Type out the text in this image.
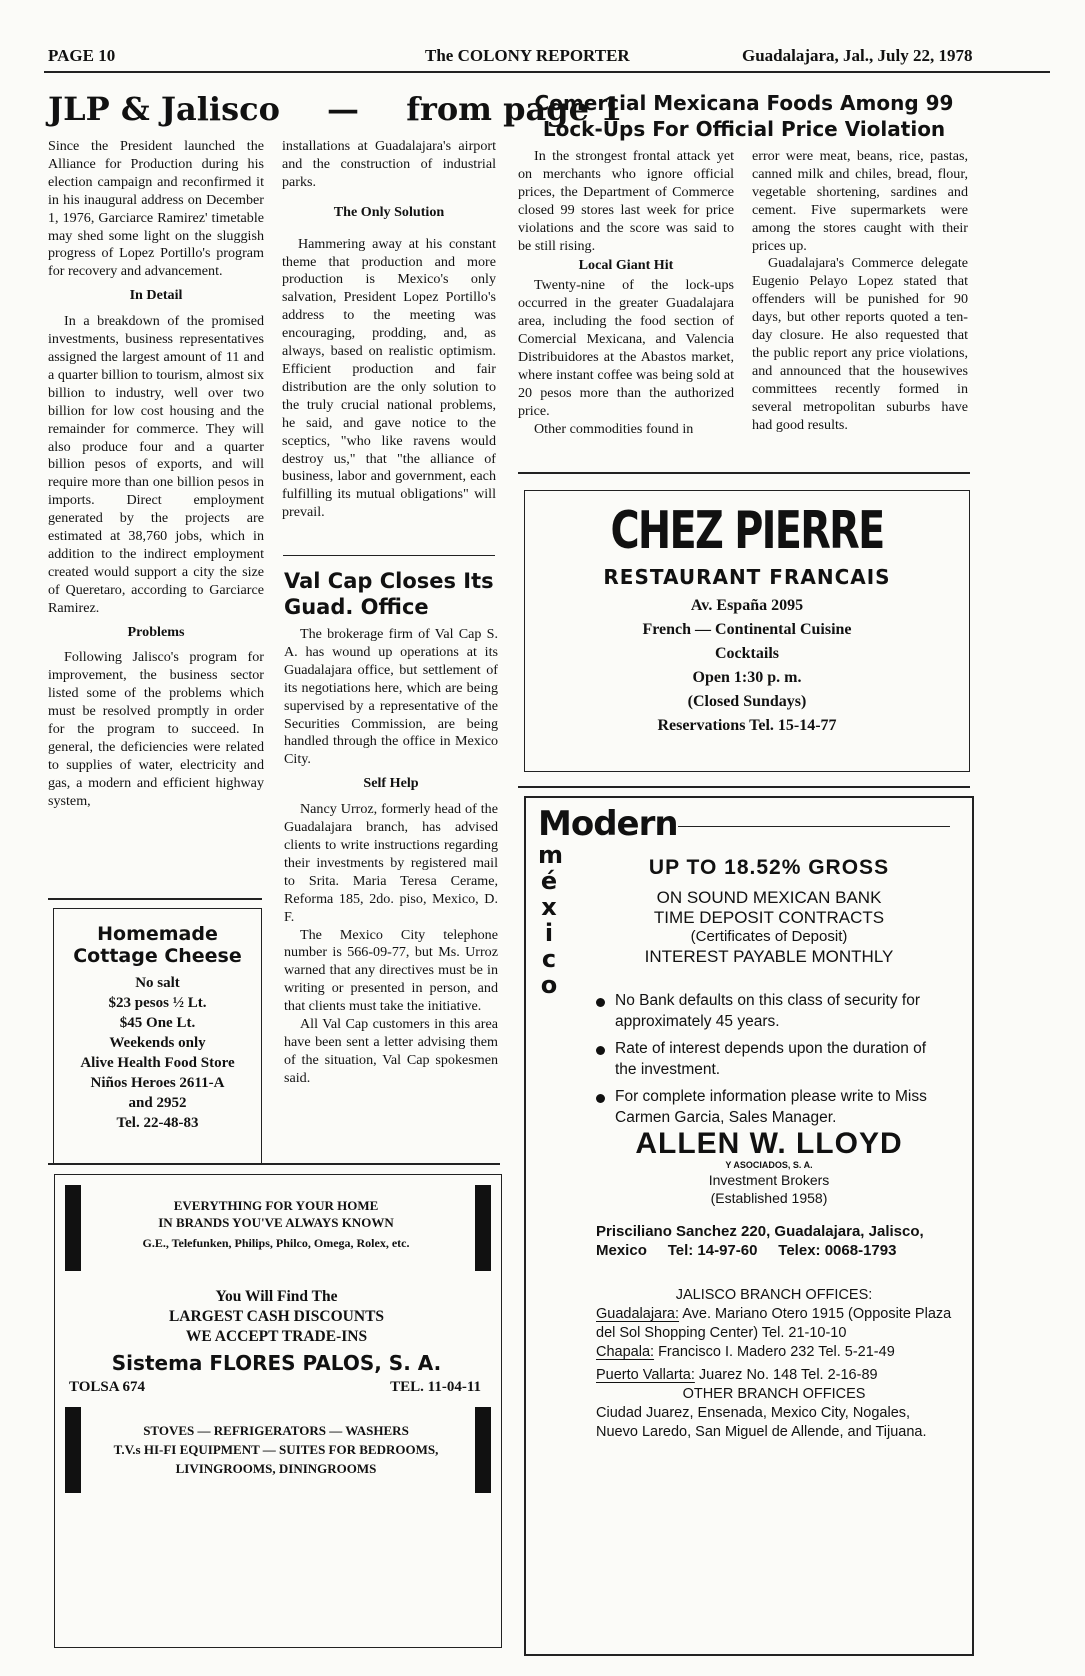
PAGE 10	The COLONY REPORTER	Guadalajara, Jal., July 22, 1978
JLP & Jalisco — from page 1

Since the President launched the Alliance for Production during his election campaign and reconfirmed it in his inaugural address on December 1, 1976, Garciarce Ramirez' timetable may shed some light on the sluggish progress of Lopez Portillo's program for recovery and advancement.

In Detail

In a breakdown of the promised investments, business representatives assigned the largest amount of 11 and a quarter billion to tourism, almost six billion to industry, well over two billion for low cost housing and the remainder for commerce. They will also produce four and a quarter billion pesos of exports, and will require more than one billion pesos in imports. Direct employment generated by the projects are estimated at 38,760 jobs, which in addition to the indirect employment created would support a city the size of Queretaro, according to Garciarce Ramirez.

Problems

Following Jalisco's program for improvement, the business sector listed some of the problems which must be resolved promptly in order for the program to succeed. In general, the deficiencies were related to supplies of water, electricity and gas, a modern and efficient highway system,

installations at Guadalajara's airport and the construction of industrial parks.

The Only Solution

Hammering away at his constant theme that production and more production is Mexico's only salvation, President Lopez Portillo's address to the meeting was encouraging, prodding, and, as always, based on realistic optimism. Efficient production and fair distribution are the only solution to the truly crucial national problems, he said, and gave notice to the sceptics, "who like ravens would destroy us," that "the alliance of business, labor and government, each fulfilling its mutual obligations" will prevail.

Val Cap Closes Its Guad. Office

The brokerage firm of Val Cap S. A. has wound up operations at its Guadalajara office, but settlement of its negotiations here, which are being supervised by a representative of the Securities Commission, are being handled through the office in Mexico City.

Self Help

Nancy Urroz, formerly head of the Guadalajara branch, has advised clients to write instructions regarding their investments by registered mail to Srita. Maria Teresa Cerame, Reforma 185, 2do. piso, Mexico, D. F.

The Mexico City telephone number is 566-09-77, but Ms. Urroz warned that any directives must be in writing or presented in person, and that clients must take the initiative.

All Val Cap customers in this area have been sent a letter advising them of the situation, Val Cap spokesmen said.

Comercial Mexicana Foods Among 99 Lock-Ups For Official Price Violation

In the strongest frontal attack yet on merchants who ignore official prices, the Department of Commerce closed 99 stores last week for price violations and the score was said to be still rising.

Local Giant Hit

Twenty-nine of the lock-ups occurred in the greater Guadalajara area, including the food section of Comercial Mexicana, and Valencia Distribuidores at the Abastos market, where instant coffee was being sold at 20 pesos more than the authorized price.

Other commodities found in

error were meat, beans, rice, pastas, canned milk and chiles, bread, flour, vegetable shortening, sardines and cement. Five supermarkets were among the stores caught with their prices up.

Guadalajara's Commerce delegate Eugenio Pelayo Lopez stated that offenders will be punished for 90 days, but other reports quoted a ten-day closure. He also requested that the public report any price violations, and announced that the housewives committees recently formed in several metropolitan suburbs have had good results.

CHEZ PIERRE
RESTAURANT FRANCAIS
Av. España 2095
French — Continental Cuisine
Cocktails
Open 1:30 p. m.
(Closed Sundays)
Reservations Tel. 15-14-77
Homemade
Cottage Cheese
No salt
$23 pesos ½ Lt.
$45 One Lt.
Weekends only
Alive Health Food Store
Niños Heroes 2611-A
and 2952
Tel. 22-48-83
EVERYTHING FOR YOUR HOME
IN BRANDS YOU'VE ALWAYS KNOWN
G.E., Telefunken, Philips, Philco, Omega, Rolex, etc.
You Will Find The
LARGEST CASH DISCOUNTS
WE ACCEPT TRADE-INS
Sistema FLORES PALOS, S. A.
TOLSA 674	TEL. 11-04-11
STOVES — REFRIGERATORS — WASHERS
T.V.s HI-FI EQUIPMENT — SUITES FOR BEDROOMS, LIVINGROOMS, DININGROOMS
Modern
méxico
UP TO 18.52% GROSS
ON SOUND MEXICAN BANK
TIME DEPOSIT CONTRACTS
(Certificates of Deposit)
INTEREST PAYABLE MONTHLY
No Bank defaults on this class of security for approximately 45 years.
Rate of interest depends upon the duration of the investment.
For complete information please write to Miss Carmen Garcia, Sales Manager.
ALLEN W. LLOYD
Y ASOCIADOS, S. A.
Investment Brokers
(Established 1958)
Prisciliano Sanchez 220, Guadalajara, Jalisco,
Mexico     Tel: 14-97-60     Telex: 0068-1793
JALISCO BRANCH OFFICES:
Guadalajara: Ave. Mariano Otero 1915 (Opposite Plaza del Sol Shopping Center) Tel. 21-10-10
Chapala: Francisco I. Madero 232 Tel. 5-21-49
Puerto Vallarta: Juarez No. 148 Tel. 2-16-89
OTHER BRANCH OFFICES
Ciudad Juarez, Ensenada, Mexico City, Nogales, Nuevo Laredo, San Miguel de Allende, and Tijuana.
